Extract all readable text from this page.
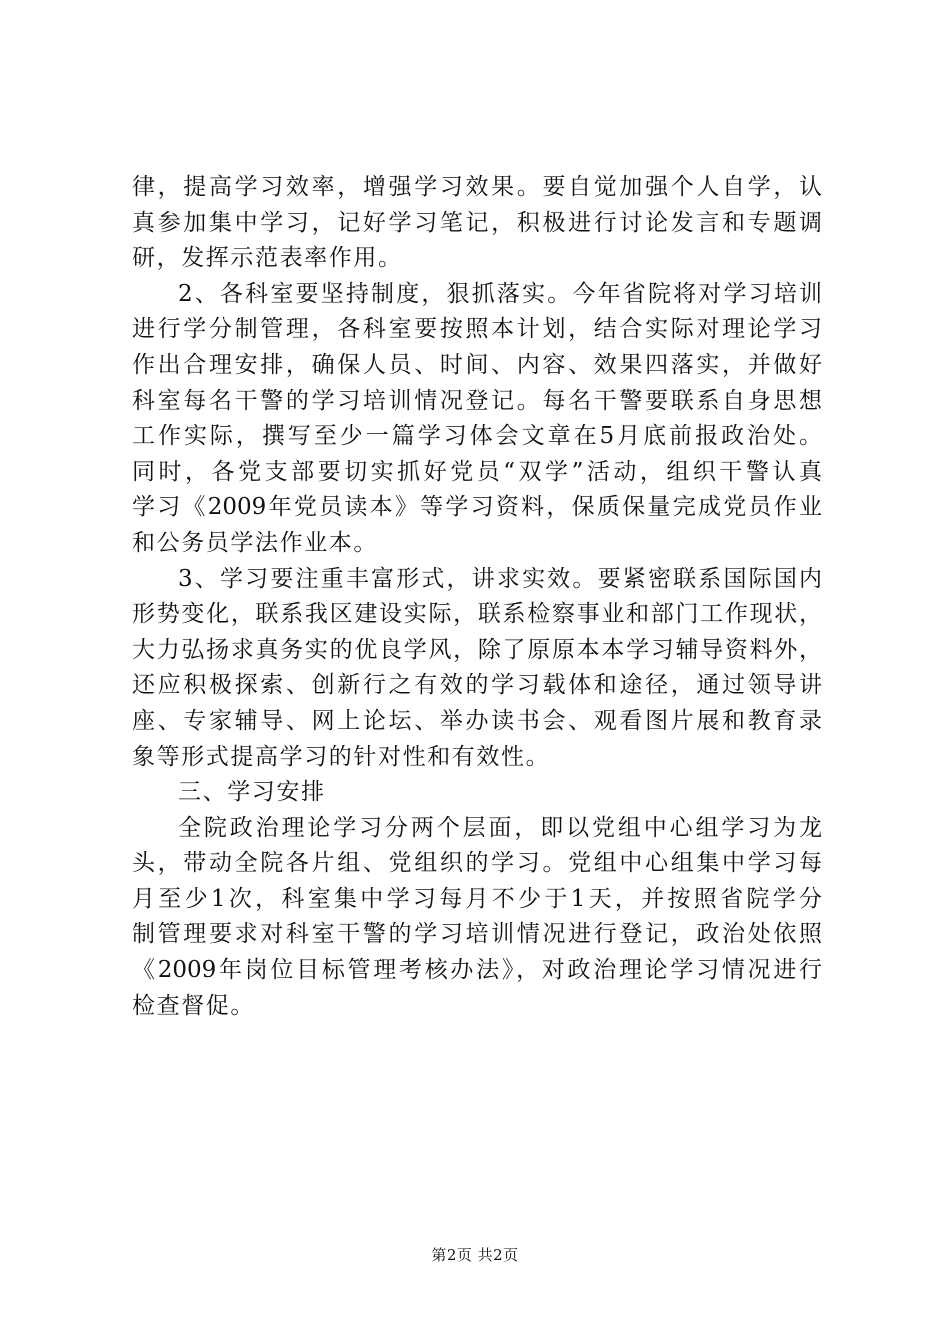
律，提高学习效率，增强学习效果。要自觉加强个人自学，认
真参加集中学习，记好学习笔记，积极进行讨论发言和专题调
研，发挥示范表率作用。
2、各科室要坚持制度，狠抓落实。今年省院将对学习培训
进行学分制管理，各科室要按照本计划，结合实际对理论学习
作出合理安排，确保人员、时间、内容、效果四落实，并做好
科室每名干警的学习培训情况登记。每名干警要联系自身思想
工作实际，撰写至少一篇学习体会文章在5月底前报政治处。
同时，各党支部要切实抓好党员“双学”活动，组织干警认真
学习《2009年党员读本》等学习资料，保质保量完成党员作业
和公务员学法作业本。
3、学习要注重丰富形式，讲求实效。要紧密联系国际国内
形势变化，联系我区建设实际，联系检察事业和部门工作现状，
大力弘扬求真务实的优良学风，除了原原本本学习辅导资料外，
还应积极探索、创新行之有效的学习载体和途径，通过领导讲
座、专家辅导、网上论坛、举办读书会、观看图片展和教育录
象等形式提高学习的针对性和有效性。
三、学习安排
全院政治理论学习分两个层面，即以党组中心组学习为龙
头，带动全院各片组、党组织的学习。党组中心组集中学习每
月至少1次，科室集中学习每月不少于1天，并按照省院学分
制管理要求对科室干警的学习培训情况进行登记，政治处依照
《2009年岗位目标管理考核办法》，对政治理论学习情况进行
检查督促。
第2页 共2页
